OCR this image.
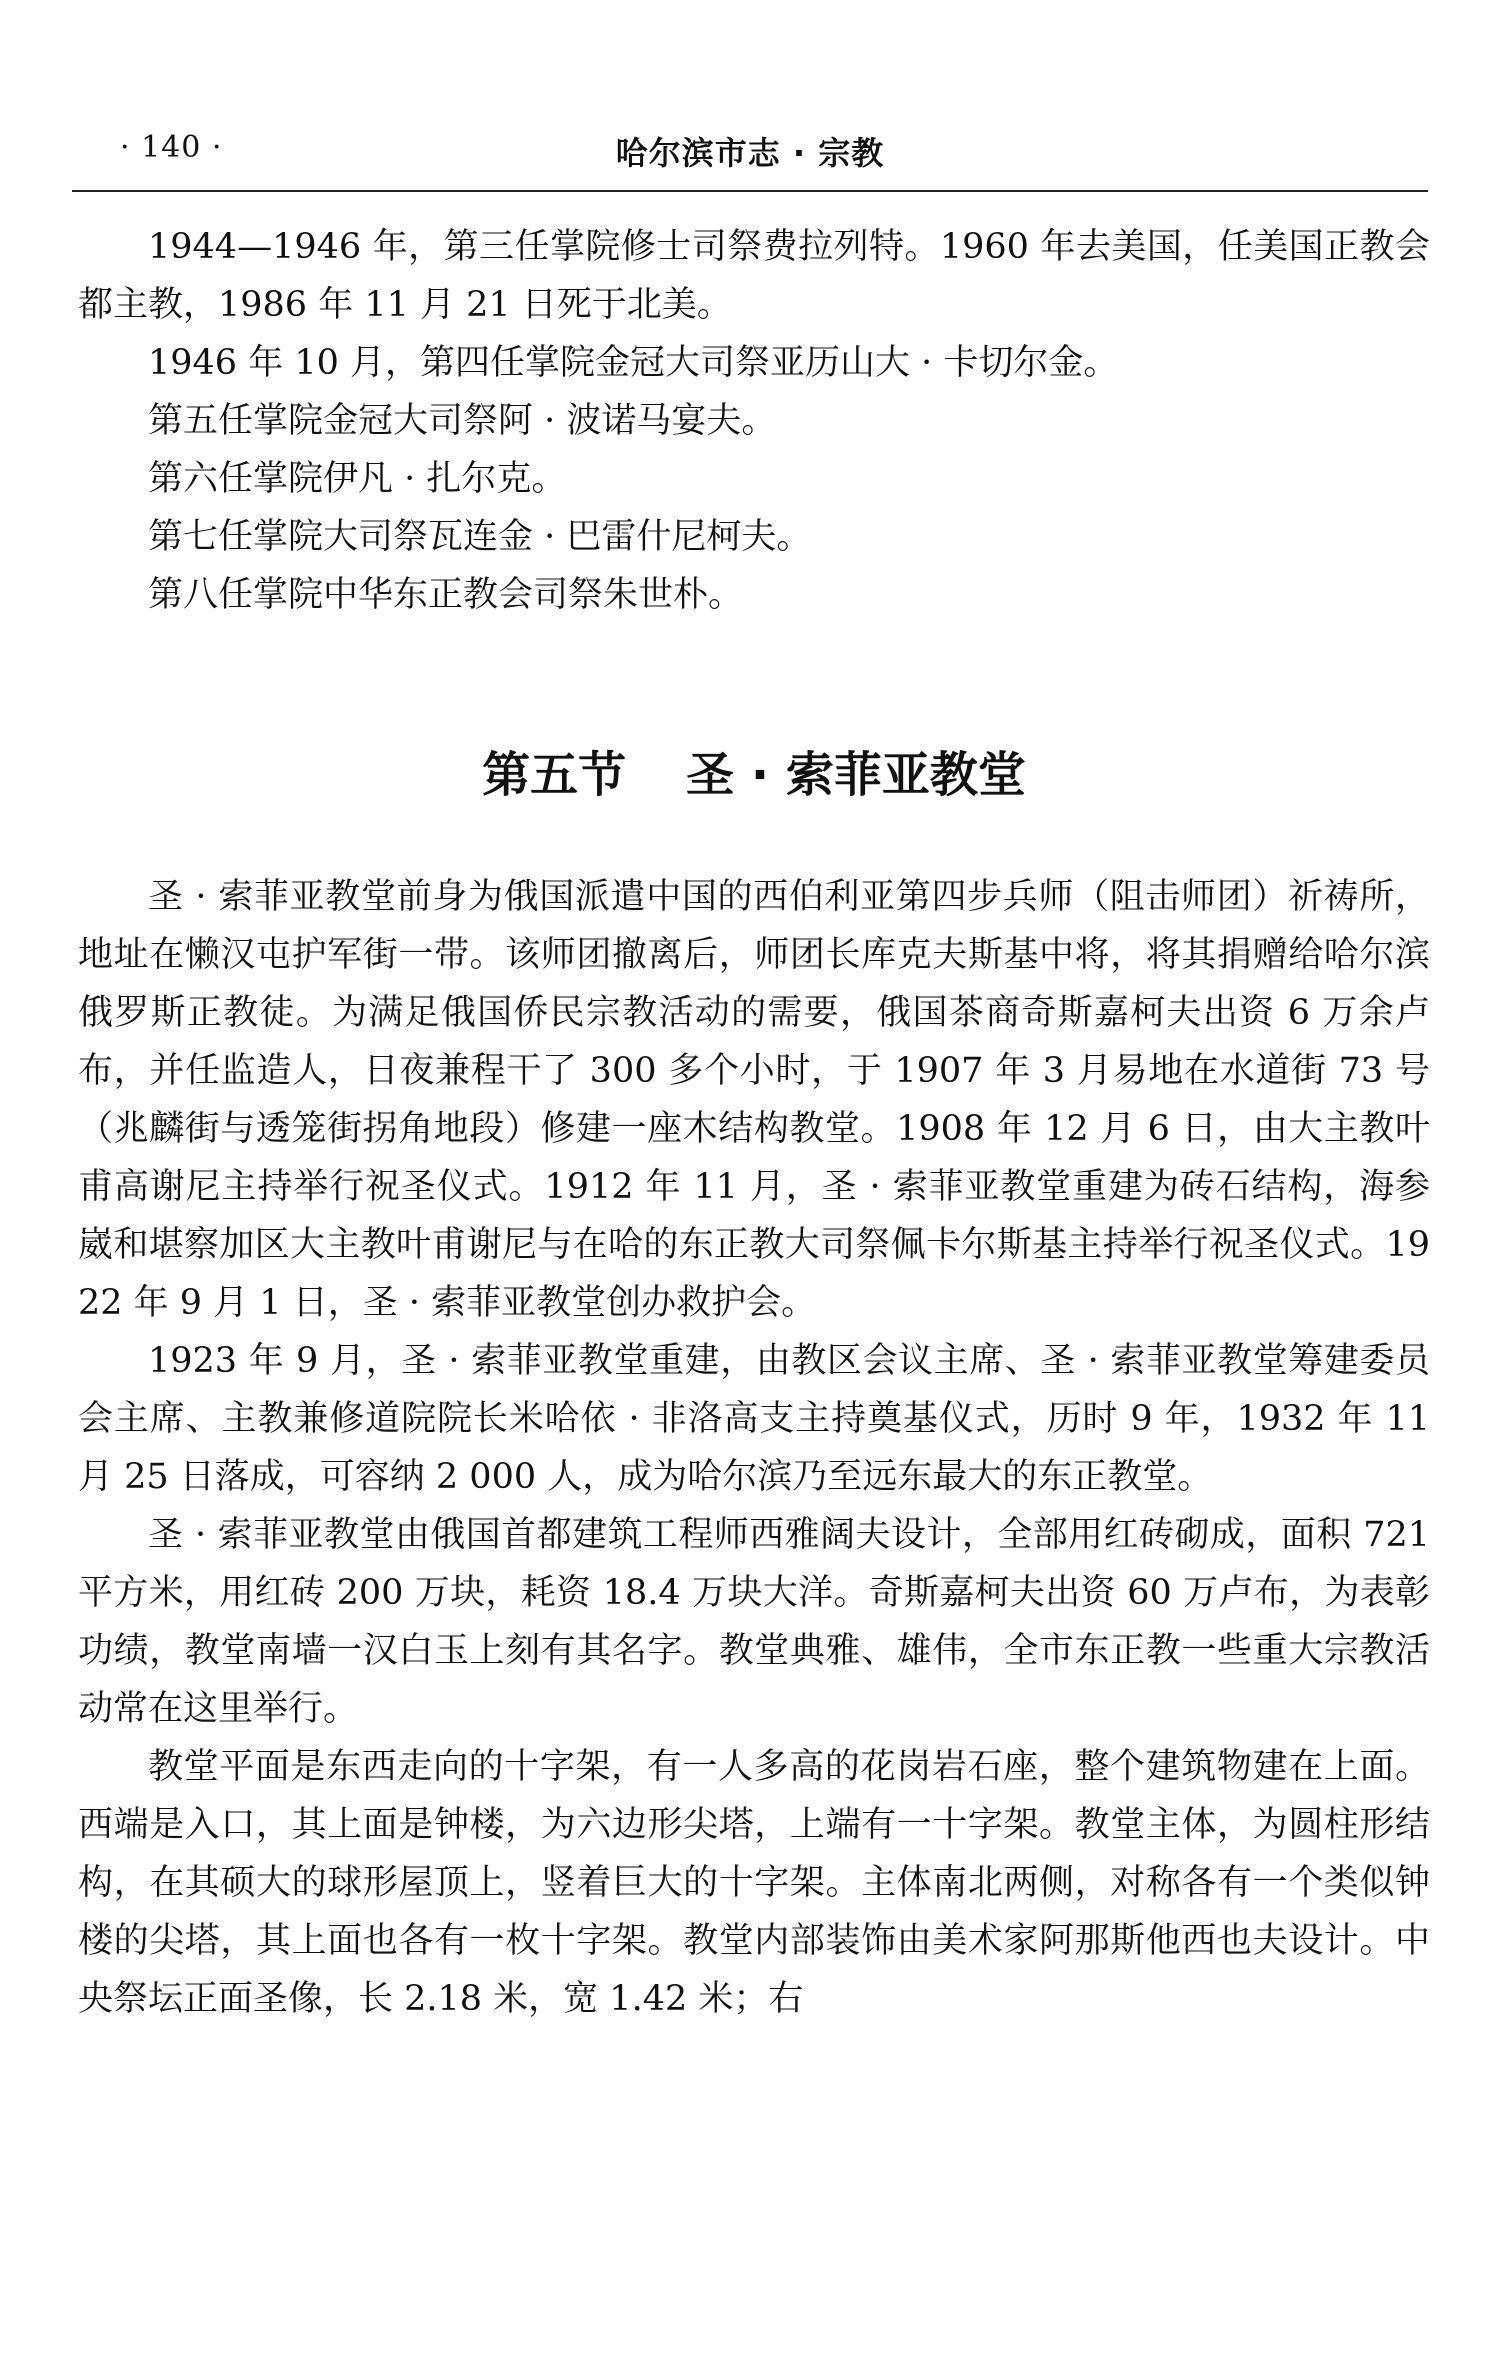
· 140 ·	哈尔滨市志 · 宗教

1944—1946 年，第三任掌院修士司祭费拉列特。1960 年去美国，任美国正教会都主教，1986 年 11 月 21 日死于北美。

1946 年 10 月，第四任掌院金冠大司祭亚历山大 · 卡切尔金。

第五任掌院金冠大司祭阿 · 波诺马宴夫。

第六任掌院伊凡 · 扎尔克。

第七任掌院大司祭瓦连金 · 巴雷什尼柯夫。

第八任掌院中华东正教会司祭朱世朴。

第五节 圣 · 索菲亚教堂

圣 · 索菲亚教堂前身为俄国派遣中国的西伯利亚第四步兵师（阻击师团）祈祷所，地址在懒汉屯护军街一带。该师团撤离后，师团长库克夫斯基中将，将其捐赠给哈尔滨俄罗斯正教徒。为满足俄国侨民宗教活动的需要，俄国茶商奇斯嘉柯夫出资 6 万余卢布，并任监造人，日夜兼程干了 300 多个小时，于 1907 年 3 月易地在水道街 73 号（兆麟街与透笼街拐角地段）修建一座木结构教堂。1908 年 12 月 6 日，由大主教叶甫高谢尼主持举行祝圣仪式。1912 年 11 月，圣 · 索菲亚教堂重建为砖石结构，海参崴和堪察加区大主教叶甫谢尼与在哈的东正教大司祭佩卡尔斯基主持举行祝圣仪式。1922 年 9 月 1 日，圣 · 索菲亚教堂创办救护会。

1923 年 9 月，圣 · 索菲亚教堂重建，由教区会议主席、圣 · 索菲亚教堂筹建委员会主席、主教兼修道院院长米哈依 · 非洛高支主持奠基仪式，历时 9 年，1932 年 11 月 25 日落成，可容纳 2 000 人，成为哈尔滨乃至远东最大的东正教堂。

圣 · 索菲亚教堂由俄国首都建筑工程师西雅阔夫设计，全部用红砖砌成，面积 721 平方米，用红砖 200 万块，耗资 18.4 万块大洋。奇斯嘉柯夫出资 60 万卢布，为表彰功绩，教堂南墙一汉白玉上刻有其名字。教堂典雅、雄伟，全市东正教一些重大宗教活动常在这里举行。

教堂平面是东西走向的十字架，有一人多高的花岗岩石座，整个建筑物建在上面。西端是入口，其上面是钟楼，为六边形尖塔，上端有一十字架。教堂主体，为圆柱形结构，在其硕大的球形屋顶上，竖着巨大的十字架。主体南北两侧，对称各有一个类似钟楼的尖塔，其上面也各有一枚十字架。教堂内部装饰由美术家阿那斯他西也夫设计。中央祭坛正面圣像，长 2.18 米，宽 1.42 米；右
